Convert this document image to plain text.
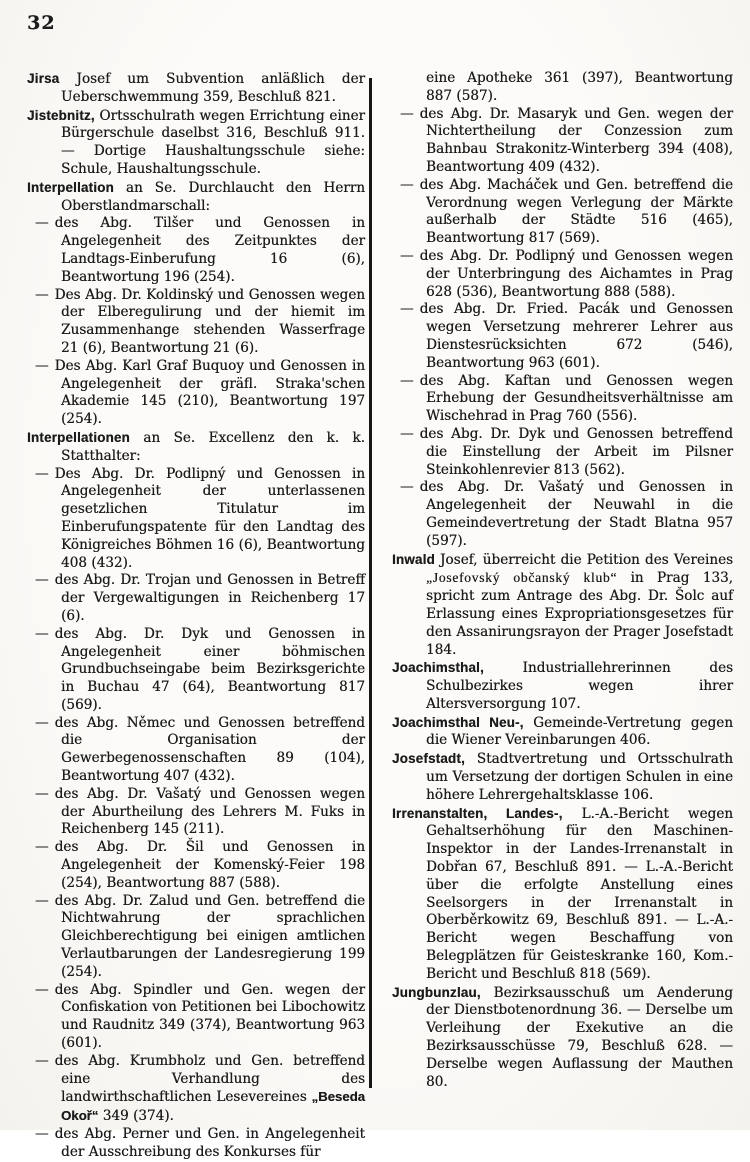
32

Jirsa Josef um Subvention anläßlich der Ueberschwemmung 359, Beschluß 821.

Jistebnitz, Ortsschulrath wegen Errichtung einer Bürgerschule daselbst 316, Beschluß 911. — Dortige Haushaltungsschule siehe: Schule, Haushaltungsschule.

Interpellation an Se. Durchlaucht den Herrn Oberstlandmarschall:

— des Abg. Tilšer und Genossen in Angelegenheit des Zeitpunktes der Landtags-Einberufung 16 (6), Beantwortung 196 (254).

— Des Abg. Dr. Koldinský und Genossen wegen der Elberegulirung und der hiemit im Zusammenhange stehenden Wasserfrage 21 (6), Beantwortung 21 (6).

— Des Abg. Karl Graf Buquoy und Genossen in Angelegenheit der gräfl. Straka'schen Akademie 145 (210), Beantwortung 197 (254).

Interpellationen an Se. Excellenz den k. k. Statthalter:

— Des Abg. Dr. Podlipný und Genossen in Angelegenheit der unterlassenen gesetzlichen Titulatur im Einberufungspatente für den Landtag des Königreiches Böhmen 16 (6), Beantwortung 408 (432).

— des Abg. Dr. Trojan und Genossen in Betreff der Vergewaltigungen in Reichenberg 17 (6).

— des Abg. Dr. Dyk und Genossen in Angelegenheit einer böhmischen Grundbuchseingabe beim Bezirksgerichte in Buchau 47 (64), Beantwortung 817 (569).

— des Abg. Němec und Genossen betreffend die Organisation der Gewerbegenossenschaften 89 (104), Beantwortung 407 (432).

— des Abg. Dr. Vašatý und Genossen wegen der Aburtheilung des Lehrers M. Fuks in Reichenberg 145 (211).

— des Abg. Dr. Šil und Genossen in Angelegenheit der Komenský-Feier 198 (254), Beantwortung 887 (588).

— des Abg. Dr. Zalud und Gen. betreffend die Nichtwahrung der sprachlichen Gleichberechtigung bei einigen amtlichen Verlautbarungen der Landesregierung 199 (254).

— des Abg. Spindler und Gen. wegen der Confiskation von Petitionen bei Libochowitz und Raudnitz 349 (374), Beantwortung 963 (601).

— des Abg. Krumbholz und Gen. betreffend eine Verhandlung des landwirthschaftlichen Lesevereines „Beseda Okoř“ 349 (374).

— des Abg. Perner und Gen. in Angelegenheit der Ausschreibung des Konkurses für

eine Apotheke 361 (397), Beantwortung 887 (587).

— des Abg. Dr. Masaryk und Gen. wegen der Nichtertheilung der Conzession zum Bahnbau Strakonitz-Winterberg 394 (408), Beantwortung 409 (432).

— des Abg. Macháček und Gen. betreffend die Verordnung wegen Verlegung der Märkte außerhalb der Städte 516 (465), Beantwortung 817 (569).

— des Abg. Dr. Podlipný und Genossen wegen der Unterbringung des Aichamtes in Prag 628 (536), Beantwortung 888 (588).

— des Abg. Dr. Fried. Pacák und Genossen wegen Versetzung mehrerer Lehrer aus Dienstesrücksichten 672 (546), Beantwortung 963 (601).

— des Abg. Kaftan und Genossen wegen Erhebung der Gesundheitsverhältnisse am Wischehrad in Prag 760 (556).

— des Abg. Dr. Dyk und Genossen betreffend die Einstellung der Arbeit im Pilsner Steinkohlenrevier 813 (562).

— des Abg. Dr. Vašatý und Genossen in Angelegenheit der Neuwahl in die Gemeindevertretung der Stadt Blatna 957 (597).

Inwald Josef, überreicht die Petition des Vereines „Josefovský občanský klub“ in Prag 133, spricht zum Antrage des Abg. Dr. Šolc auf Erlassung eines Expropriationsgesetzes für den Assanirungsrayon der Prager Josefstadt 184.

Joachimsthal, Industriallehrerinnen des Schulbezirkes wegen ihrer Altersversorgung 107.

Joachimsthal Neu-, Gemeinde-Vertretung gegen die Wiener Vereinbarungen 406.

Josefstadt, Stadtvertretung und Ortsschulrath um Versetzung der dortigen Schulen in eine höhere Lehrergehaltsklasse 106.

Irrenanstalten, Landes-, L.-A.-Bericht wegen Gehaltserhöhung für den Maschinen-Inspektor in der Landes-Irrenanstalt in Dobřan 67, Beschluß 891. — L.-A.-Bericht über die erfolgte Anstellung eines Seelsorgers in der Irrenanstalt in Oberběrkowitz 69, Beschluß 891. — L.-A.-Bericht wegen Beschaffung von Belegplätzen für Geisteskranke 160, Kom.-Bericht und Beschluß 818 (569).

Jungbunzlau, Bezirksausschuß um Aenderung der Dienstbotenordnung 36. — Derselbe um Verleihung der Exekutive an die Bezirksausschüsse 79, Beschluß 628. — Derselbe wegen Auflassung der Mauthen 80.
